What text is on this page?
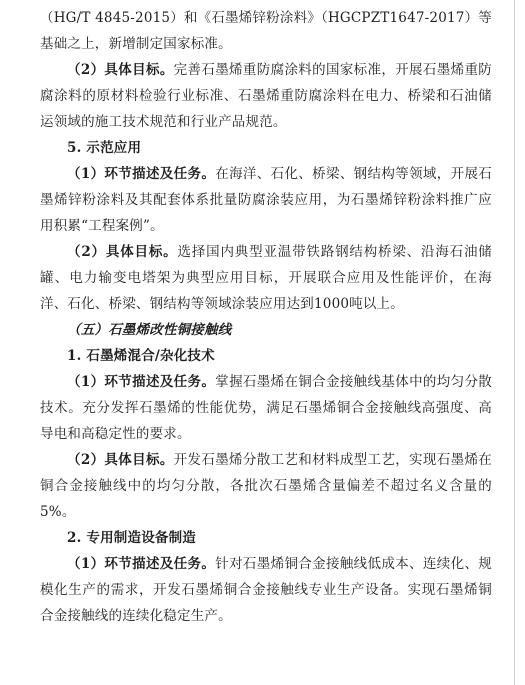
（HG/T 4845-2015）和《石墨烯锌粉涂料》（HGCPZT1647-2017）等基础之上，新增制定国家标准。

（2）具体目标。完善石墨烯重防腐涂料的国家标准，开展石墨烯重防腐涂料的原材料检验行业标准、石墨烯重防腐涂料在电力、桥梁和石油储运领域的施工技术规范和行业产品规范。

5. 示范应用

（1）环节描述及任务。在海洋、石化、桥梁、钢结构等领域，开展石墨烯锌粉涂料及其配套体系批量防腐涂装应用，为石墨烯锌粉涂料推广应用积累“工程案例”。

（2）具体目标。选择国内典型亚温带铁路钢结构桥梁、沿海石油储罐、电力输变电塔架为典型应用目标，开展联合应用及性能评价，在海洋、石化、桥梁、钢结构等领域涂装应用达到1000吨以上。

（五）石墨烯改性铜接触线

1. 石墨烯混合/杂化技术

（1）环节描述及任务。掌握石墨烯在铜合金接触线基体中的均匀分散技术。充分发挥石墨烯的性能优势，满足石墨烯铜合金接触线高强度、高导电和高稳定性的要求。

（2）具体目标。开发石墨烯分散工艺和材料成型工艺，实现石墨烯在铜合金接触线中的均匀分散，各批次石墨烯含量偏差不超过名义含量的5%。

2. 专用制造设备制造

（1）环节描述及任务。针对石墨烯铜合金接触线低成本、连续化、规模化生产的需求，开发石墨烯铜合金接触线专业生产设备。实现石墨烯铜合金接触线的连续化稳定生产。
